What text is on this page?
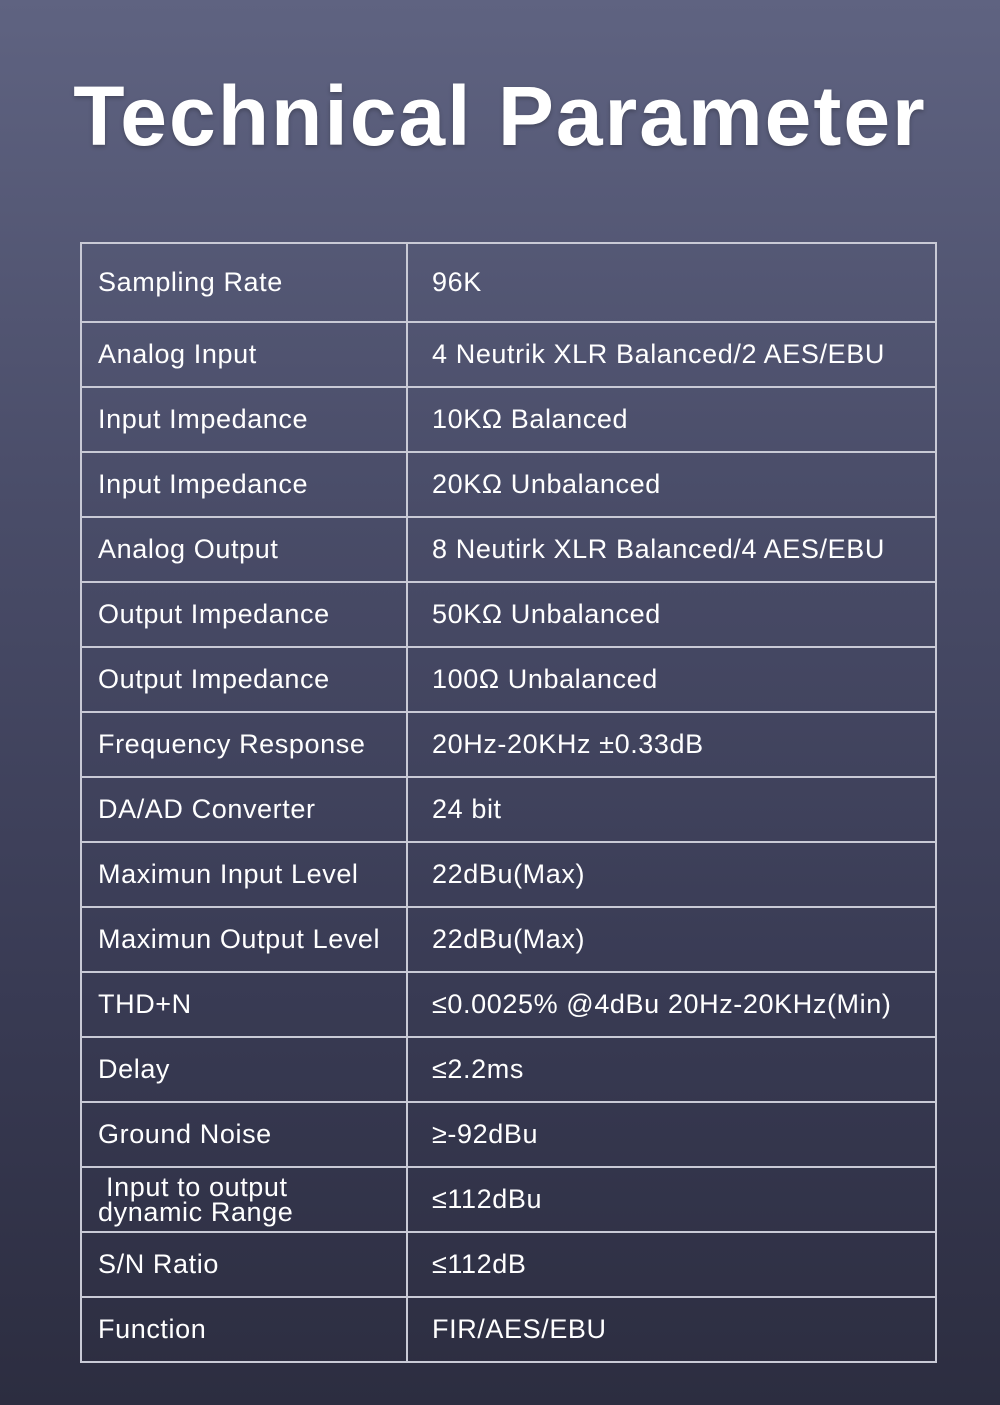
Technical Parameter
Sampling Rate	96K
Analog Input	4 Neutrik XLR Balanced/2 AES/EBU
Input Impedance	10KΩ Balanced
Input Impedance	20KΩ Unbalanced
Analog Output	8 Neutirk XLR Balanced/4 AES/EBU
Output Impedance	50KΩ Unbalanced
Output Impedance	100Ω Unbalanced
Frequency Response	20Hz-20KHz ±0.33dB
DA/AD Converter	24 bit
Maximun Input Level	22dBu(Max)
Maximun Output Level	22dBu(Max)
THD+N	≤0.0025% @4dBu 20Hz-20KHz(Min)
Delay	≤2.2ms
Ground Noise	≥-92dBu

Input to output
dynamic Range	≤112dBu
S/N Ratio	≤112dB
Function	FIR/AES/EBU
